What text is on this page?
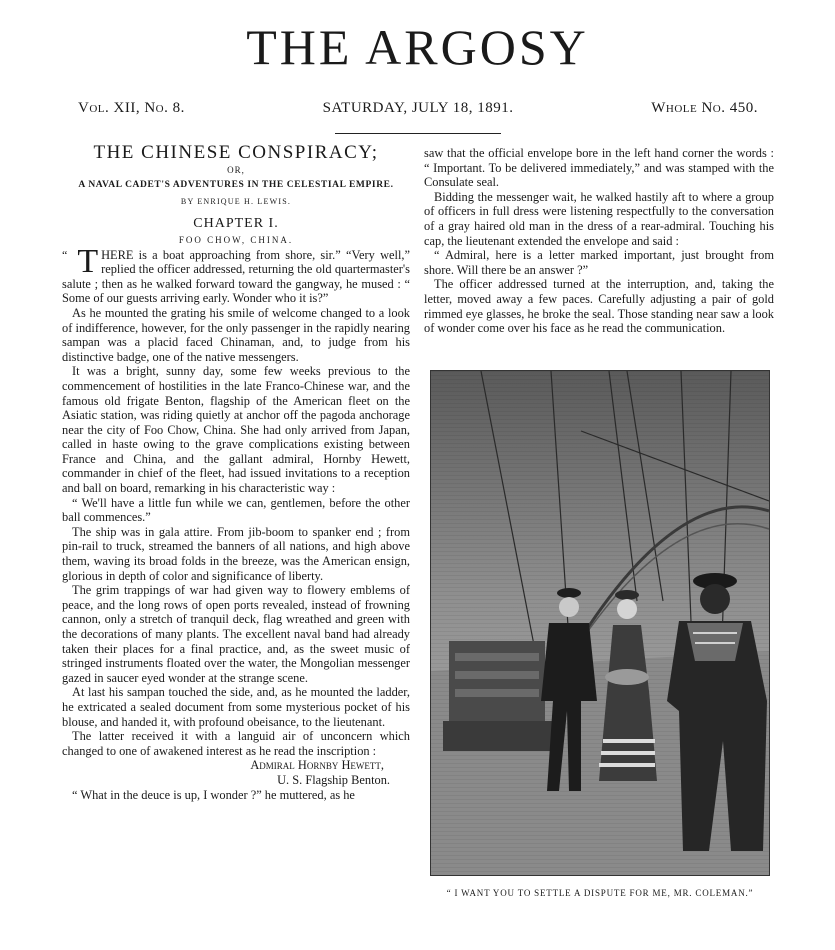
THE ARGOSY
Vol. XII, No. 8.	SATURDAY, JULY 18, 1891.	Whole No. 450.
THE CHINESE CONSPIRACY;
OR,
A NAVAL CADET'S ADVENTURES IN THE CELESTIAL EMPIRE.
BY ENRIQUE H. LEWIS.
CHAPTER I.
FOO CHOW, CHINA.

“ T HERE is a boat approaching from shore, sir.” “Very well,” replied the officer addressed, returning the old quartermaster's salute ; then as he walked forward toward the gangway, he mused : “ Some of our guests arriving early. Wonder who it is?”

As he mounted the grating his smile of welcome changed to a look of indifference, however, for the only passenger in the rapidly nearing sampan was a placid faced Chinaman, and, to judge from his distinctive badge, one of the native messengers.

It was a bright, sunny day, some few weeks previous to the commencement of hostilities in the late Franco-Chinese war, and the famous old frigate Benton, flagship of the American fleet on the Asiatic station, was riding quietly at anchor off the pagoda anchorage near the city of Foo Chow, China. She had only arrived from Japan, called in haste owing to the grave complications existing between France and China, and the gallant admiral, Hornby Hewett, commander in chief of the fleet, had issued invitations to a reception and ball on board, remarking in his characteristic way :

“ We'll have a little fun while we can, gentlemen, before the other ball commences.”

The ship was in gala attire. From jib-boom to spanker end ; from pin-rail to truck, streamed the banners of all nations, and high above them, waving its broad folds in the breeze, was the American ensign, glorious in depth of color and significance of liberty.

The grim trappings of war had given way to flowery emblems of peace, and the long rows of open ports revealed, instead of frowning cannon, only a stretch of tranquil deck, flag wreathed and green with the decorations of many plants. The excellent naval band had already taken their places for a final practice, and, as the sweet music of stringed instruments floated over the water, the Mongolian messenger gazed in saucer eyed wonder at the strange scene.

At last his sampan touched the side, and, as he mounted the ladder, he extricated a sealed document from some mysterious pocket of his blouse, and handed it, with profound obeisance, to the lieutenant.

The latter received it with a languid air of unconcern which changed to one of awakened interest as he read the inscription :

Admiral Hornby Hewett,

U. S. Flagship Benton.

“ What in the deuce is up, I wonder ?” he muttered, as he

saw that the official envelope bore in the left hand corner the words : “ Important. To be delivered immediately,” and was stamped with the Consulate seal.

Bidding the messenger wait, he walked hastily aft to where a group of officers in full dress were listening respectfully to the conversation of a gray haired old man in the dress of a rear-admiral. Touching his cap, the lieutenant extended the envelope and said :

“ Admiral, here is a letter marked important, just brought from shore. Will there be an answer ?”

The officer addressed turned at the interruption, and, taking the letter, moved away a few paces. Carefully adjusting a pair of gold rimmed eye glasses, he broke the seal. Those standing near saw a look of wonder come over his face as he read the communication.

“ I WANT YOU TO SETTLE A DISPUTE FOR ME, MR. COLEMAN.”
